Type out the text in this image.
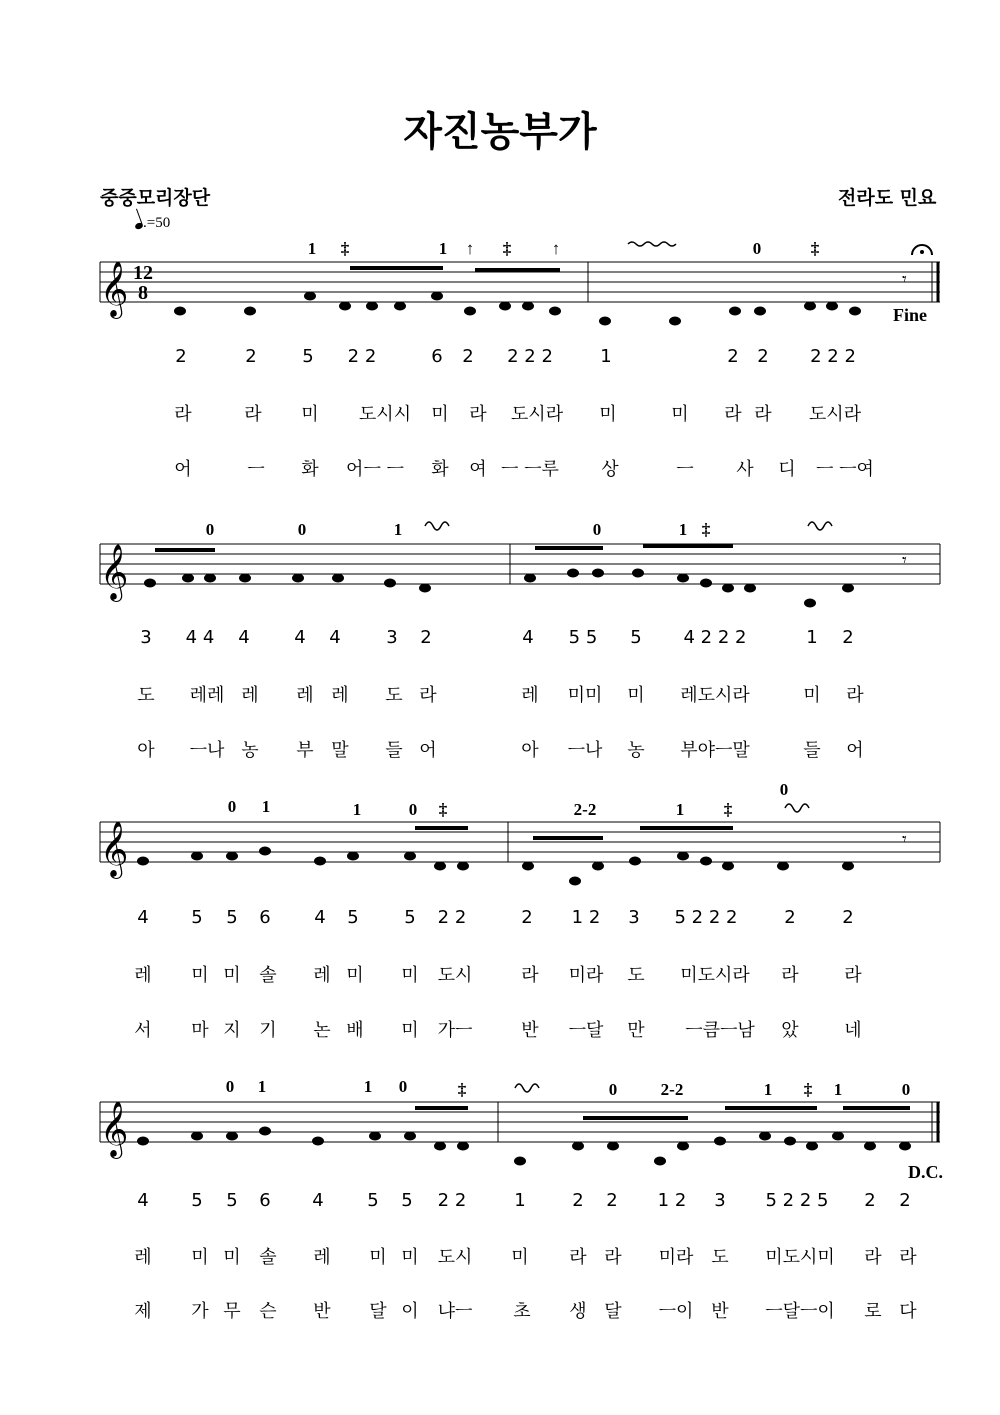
자진농부가
중중모리장단	전라도 민요
.=50
𝄞
𝄞
𝄞
𝄞
12
8
1 ‡	1 ↑ ‡ ↑	0	‡
0	0	1	0	1 ‡
0 1	1	0 ‡	2-2	1 ‡
0
0 1	1 0	‡	0	2-2	1 ‡ 1	0
𝄾
𝄾
𝄾
Fine
D.C.
2	2	5 2 2	6 2 2 2 2	1	2 2 2 2 2
라	라 미 도시시 미 라 도시라 미	미 라 라 도시라
어	ㅡ 화 어ㅡ ㅡ 화 여 ㅡ ㅡ루 상	ㅡ 사 디 ㅡ ㅡ여
3 4 4 4 4 4	3 2	4 5 5 5 4 2 2 2	1 2
도 레레 레 레 레 도 라	레 미미 미 레도시라	미 라
아 ㅡ나 농 부 말 들 어	아 ㅡ나 농 부야ㅡ말	들 어
4 5 5 6 4 5	5 2 2	2 1 2 3 5 2 2 2	2	2
레 미 미 솔 레 미 미 도시	라 미라 도 미도시라 라	라
서 마 지 기 논 배 미 가ㅡ	반 ㅡ달 만 ㅡ큼ㅡ남 았	네
4 5 5 6 4 5 5 2 2	1	2 2 1 2 3 5 2 2 5 2 2
레 미 미 솔 레 미 미 도시 미 라 라 미라 도 미도시미 라 라
제 가 무 슨 반 달 이 냐ㅡ 초 생 달 ㅡ이 반 ㅡ달ㅡ이 로 다
